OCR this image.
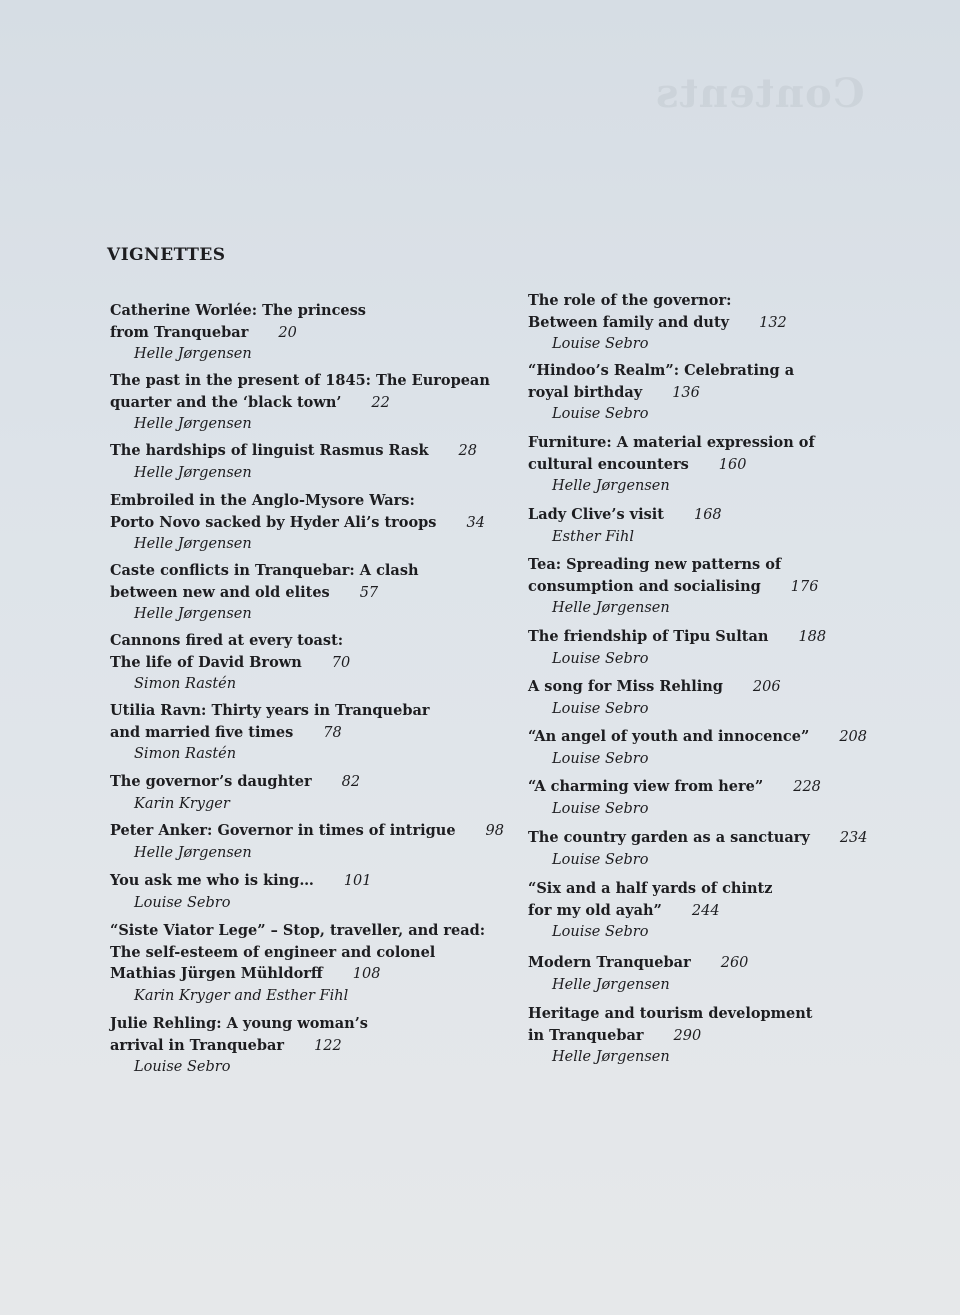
Contents
VIGNETTES
Catherine Worlée: The princess
from Tranquebar 20
Helle Jørgensen
The past in the present of 1845: The European
quarter and the ‘black town’ 22
Helle Jørgensen
The hardships of linguist Rasmus Rask 28
Helle Jørgensen
Embroiled in the Anglo-Mysore Wars:
Porto Novo sacked by Hyder Ali’s troops 34
Helle Jørgensen
Caste conflicts in Tranquebar: A clash
between new and old elites 57
Helle Jørgensen
Cannons fired at every toast:
The life of David Brown 70
Simon Rastén
Utilia Ravn: Thirty years in Tranquebar
and married five times 78
Simon Rastén
The governor’s daughter 82
Karin Kryger
Peter Anker: Governor in times of intrigue 98
Helle Jørgensen
You ask me who is king… 101
Louise Sebro
“Siste Viator Lege” – Stop, traveller, and read:
The self-esteem of engineer and colonel
Mathias Jürgen Mühldorff 108
Karin Kryger and Esther Fihl
Julie Rehling: A young woman’s
arrival in Tranquebar 122
Louise Sebro
The role of the governor:
Between family and duty 132
Louise Sebro
“Hindoo’s Realm”: Celebrating a
royal birthday 136
Louise Sebro
Furniture: A material expression of
cultural encounters 160
Helle Jørgensen
Lady Clive’s visit 168
Esther Fihl
Tea: Spreading new patterns of
consumption and socialising 176
Helle Jørgensen
The friendship of Tipu Sultan 188
Louise Sebro
A song for Miss Rehling 206
Louise Sebro
“An angel of youth and innocence” 208
Louise Sebro
“A charming view from here” 228
Louise Sebro
The country garden as a sanctuary 234
Louise Sebro
“Six and a half yards of chintz
for my old ayah” 244
Louise Sebro
Modern Tranquebar 260
Helle Jørgensen
Heritage and tourism development
in Tranquebar 290
Helle Jørgensen
